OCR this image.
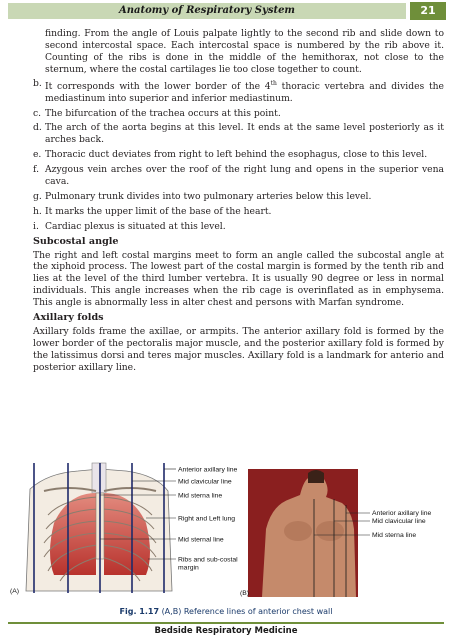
Anatomy of Respiratory System	21

finding. From the angle of Louis palpate lightly to the second rib and slide down to second intercostal space. Each intercostal space is numbered by the rib above it. Counting of the ribs is done in the middle of the hemithorax, not close to the sternum, where the costal cartilages lie too close together to count.

b. It corresponds with the lower border of the 4th thoracic vertebra and divides the mediastinum into superior and inferior mediastinum.
c. The bifurcation of the trachea occurs at this point.
d. The arch of the aorta begins at this level. It ends at the same level posteriorly as it arches back.
e. Thoracic duct deviates from right to left behind the esophagus, close to this level.
f. Azygous vein arches over the roof of the right lung and opens in the superior vena cava.
g. Pulmonary trunk divides into two pulmonary arteries below this level.
h. It marks the upper limit of the base of the heart.
i. Cardiac plexus is situated at this level.
Subcostal angle

The right and left costal margins meet to form an angle called the subcostal angle at the xiphoid process. The lowest part of the costal margin is formed by the tenth rib and lies at the level of the third lumber vertebra. It is usually 90 degree or less in normal individuals. This angle increases when the rib cage is overinflated as in emphysema. This angle is abnormally less in alter chest and persons with Marfan syndrome.

Axillary folds

Axillary folds frame the axillae, or armpits. The anterior axillary fold is formed by the lower border of the pectoralis major muscle, and the posterior axillary fold is formed by the latissimus dorsi and teres major muscles. Axillary fold is a landmark for anterio and posterior axillary line.

Anterior axillary line
Mid clavicular line
Mid sterna line
Right and Left lung
Mid sternal line
Ribs and sub-costal
margin
(A)
Anterior axillary line
Mid clavicular line
Mid sterna line
(B)
Fig. 1.17 (A,B) Reference lines of anterior chest wall
Bedside Respiratory Medicine
